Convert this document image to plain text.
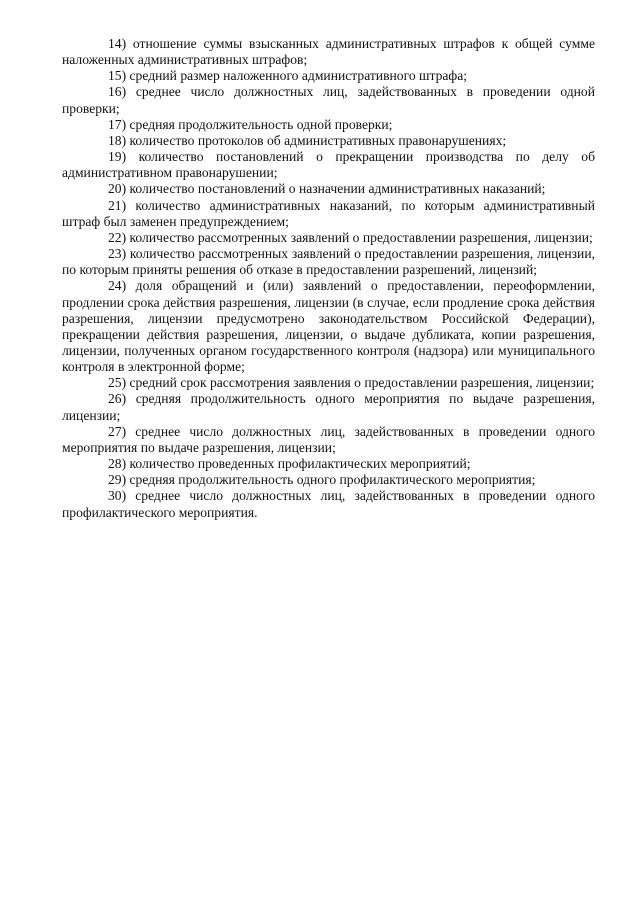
14) отношение суммы взысканных административных штрафов к общей сумме наложенных административных штрафов;

15) средний размер наложенного административного штрафа;

16) среднее число должностных лиц, задействованных в проведении одной проверки;

17) средняя продолжительность одной проверки;

18) количество протоколов об административных правонарушениях;

19) количество постановлений о прекращении производства по делу об административном правонарушении;

20) количество постановлений о назначении административных наказаний;

21) количество административных наказаний, по которым административный штраф был заменен предупреждением;

22) количество рассмотренных заявлений о предоставлении разрешения, лицензии;

23) количество рассмотренных заявлений о предоставлении разрешения, лицензии, по которым приняты решения об отказе в предоставлении разрешений, лицензий;

24) доля обращений и (или) заявлений о предоставлении, переоформлении, продлении срока действия разрешения, лицензии (в случае, если продление срока действия разрешения, лицензии предусмотрено законодательством Российской Федерации), прекращении действия разрешения, лицензии, о выдаче дубликата, копии разрешения, лицензии, полученных органом государственного контроля (надзора) или муниципального контроля в электронной форме;

25) средний срок рассмотрения заявления о предоставлении разрешения, лицензии;

26) средняя продолжительность одного мероприятия по выдаче разрешения, лицензии;

27) среднее число должностных лиц, задействованных в проведении одного мероприятия по выдаче разрешения, лицензии;

28) количество проведенных профилактических мероприятий;

29) средняя продолжительность одного профилактического мероприятия;

30) среднее число должностных лиц, задействованных в проведении одного профилактического мероприятия.
